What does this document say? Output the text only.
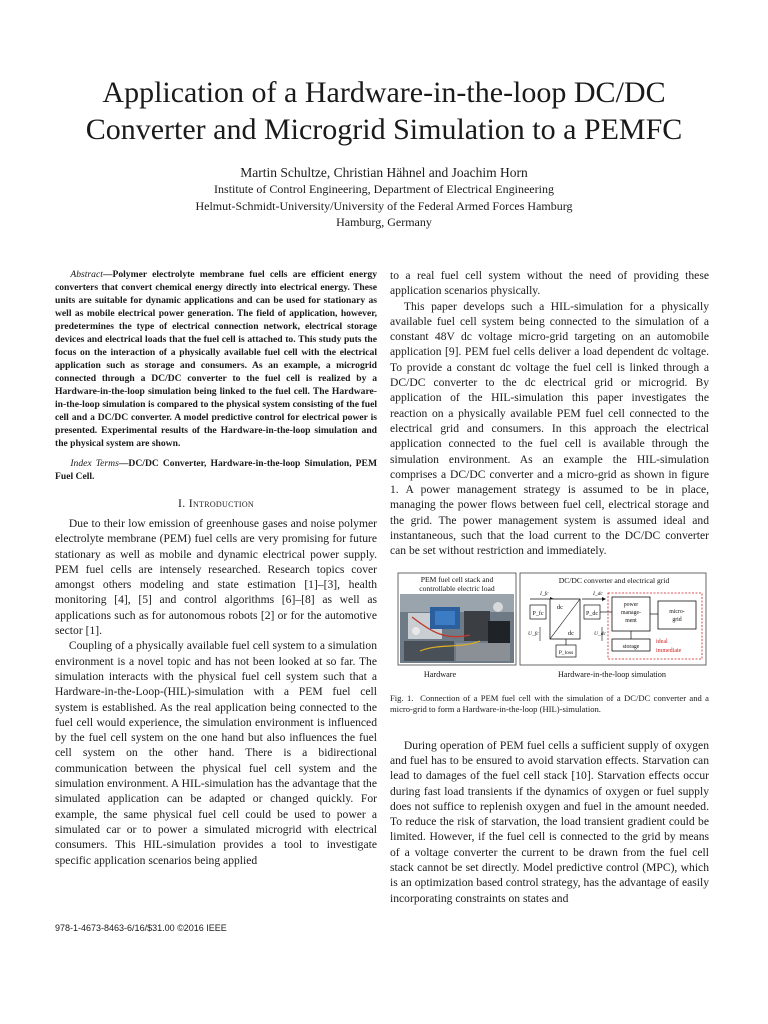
Application of a Hardware-in-the-loop DC/DC Converter and Microgrid Simulation to a PEMFC
Martin Schultze, Christian Hähnel and Joachim Horn
Institute of Control Engineering, Department of Electrical Engineering
Helmut-Schmidt-University/University of the Federal Armed Forces Hamburg
Hamburg, Germany

Abstract—Polymer electrolyte membrane fuel cells are efficient energy converters that convert chemical energy directly into electrical energy. These units are suitable for dynamic applications and can be used for stationary as well as mobile electrical power generation. The field of application, however, predetermines the type of electrical connection network, electrical storage devices and electrical loads that the fuel cell is attached to. This study puts the focus on the interaction of a physically available fuel cell with the electrical application such as storage and consumers. As an example, a microgrid connected through a DC/DC converter to the fuel cell is realized by a Hardware-in-the-loop simulation being linked to the fuel cell. The Hardware-in-the-loop simulation is compared to the physical system consisting of the fuel cell and a DC/DC converter. A model predictive control for electrical power is presented. Experimental results of the Hardware-in-the-loop simulation and the physical system are shown.

Index Terms—DC/DC Converter, Hardware-in-the-loop Simulation, PEM Fuel Cell.

I. Introduction

Due to their low emission of greenhouse gases and noise polymer electrolyte membrane (PEM) fuel cells are very promising for future stationary as well as mobile and dynamic electrical power supply. PEM fuel cells are intensely researched. Research topics cover amongst others modeling and state estimation [1]–[3], health monitoring [4], [5] and control algorithms [6]–[8] as well as applications such as for autonomous robots [2] or for the automotive sector [1].

Coupling of a physically available fuel cell system to a simulation environment is a novel topic and has not been looked at so far. The simulation interacts with the physical fuel cell system such that a Hardware-in-the-Loop-(HIL)-simulation with a PEM fuel cell system is established. As the real application being connected to the fuel cell would experience, the simulation environment is influenced by the fuel cell system on the one hand but also influences the fuel cell system on the other hand. There is a bidirectional communication between the physical fuel cell system and the simulation environment. A HIL-simulation has the advantage that the simulated application can be adapted or changed quickly. For example, the same physical fuel cell could be used to power a simulated car or to power a simulated microgrid with electrical consumers. This HIL-simulation provides a tool to investigate specific application scenarios being applied

to a real fuel cell system without the need of providing these application scenarios physically.

This paper develops such a HIL-simulation for a physically available fuel cell system being connected to the simulation of a constant 48V dc voltage micro-grid targeting on an automobile application [9]. PEM fuel cells deliver a load dependent dc voltage. To provide a constant dc voltage the fuel cell is linked through a DC/DC converter to the dc electrical grid or microgrid. By application of the HIL-simulation this paper investigates the reaction on a physically available PEM fuel cell connected to the electrical grid and consumers. In this approach the electrical application connected to the fuel cell is available through the simulation environment. As an example the HIL-simulation comprises a DC/DC converter and a micro-grid as shown in figure 1. A power management strategy is assumed to be in place, managing the power flows between fuel cell, electrical storage and the grid. The power management system is assumed ideal and instantaneous, such that the load current to the DC/DC converter can be set without restriction and immediately.

PEM fuel cell stack and
controllable electric load
Hardware
DC/DC converter and electrical grid
I_fc	I_dc
P_fc
dc
dc
P_dc
U_fc	U_dc
P_loss
power
manage-
ment
micro-
grid
storage
ideal
immediate
Hardware-in-the-loop simulation

Fig. 1. Connection of a PEM fuel cell with the simulation of a DC/DC converter and a micro-grid to form a Hardware-in-the-loop (HIL)-simulation.

During operation of PEM fuel cells a sufficient supply of oxygen and fuel has to be ensured to avoid starvation effects. Starvation can lead to damages of the fuel cell stack [10]. Starvation effects occur during fast load transients if the dynamics of oxygen or fuel supply does not suffice to replenish oxygen and fuel in the amount needed. To reduce the risk of starvation, the load transient gradient could be limited. However, if the fuel cell is connected to the grid by means of a voltage converter the current to be drawn from the fuel cell stack cannot be set directly. Model predictive control (MPC), which is an optimization based control strategy, has the advantage of easily incorporating constraints on states and

978-1-4673-8463-6/16/$31.00 ©2016 IEEE
